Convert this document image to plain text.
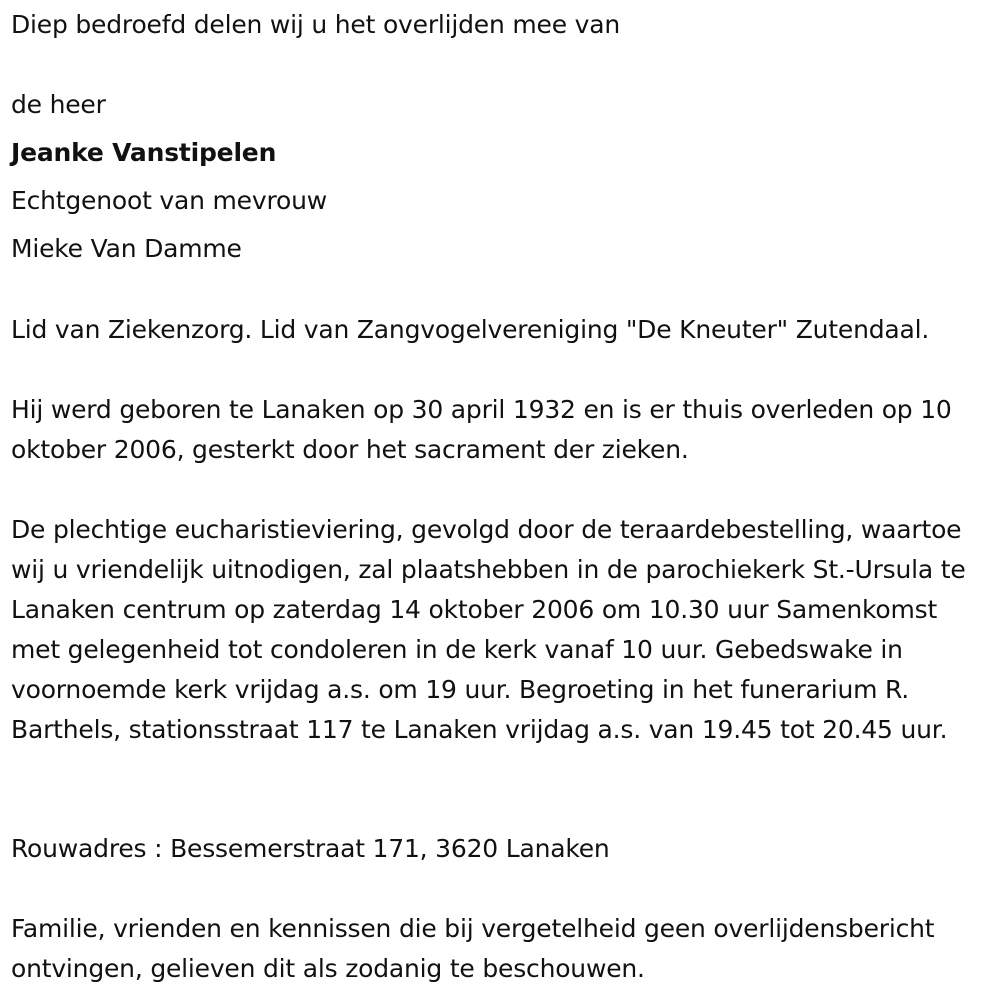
Diep bedroefd delen wij u het overlijden mee van
de heer
Jeanke Vanstipelen
Echtgenoot van mevrouw
Mieke Van Damme
Lid van Ziekenzorg. Lid van Zangvogelvereniging "De Kneuter" Zutendaal.
Hij werd geboren te Lanaken op 30 april 1932 en is er thuis overleden op 10 oktober 2006, gesterkt door het sacrament der zieken.
De plechtige eucharistieviering, gevolgd door de teraardebestelling, waartoe wij u vriendelijk uitnodigen, zal plaatshebben in de parochiekerk St.-Ursula te Lanaken centrum op zaterdag 14 oktober 2006 om 10.30 uur Samenkomst met gelegenheid tot condoleren in de kerk vanaf 10 uur. Gebedswake in voornoemde kerk vrijdag a.s. om 19 uur. Begroeting in het funerarium R. Barthels, stationsstraat 117 te Lanaken vrijdag a.s. van 19.45 tot 20.45 uur.
Rouwadres : Bessemerstraat 171, 3620 Lanaken
Familie, vrienden en kennissen die bij vergetelheid geen overlijdensbericht ontvingen, gelieven dit als zodanig te beschouwen.
